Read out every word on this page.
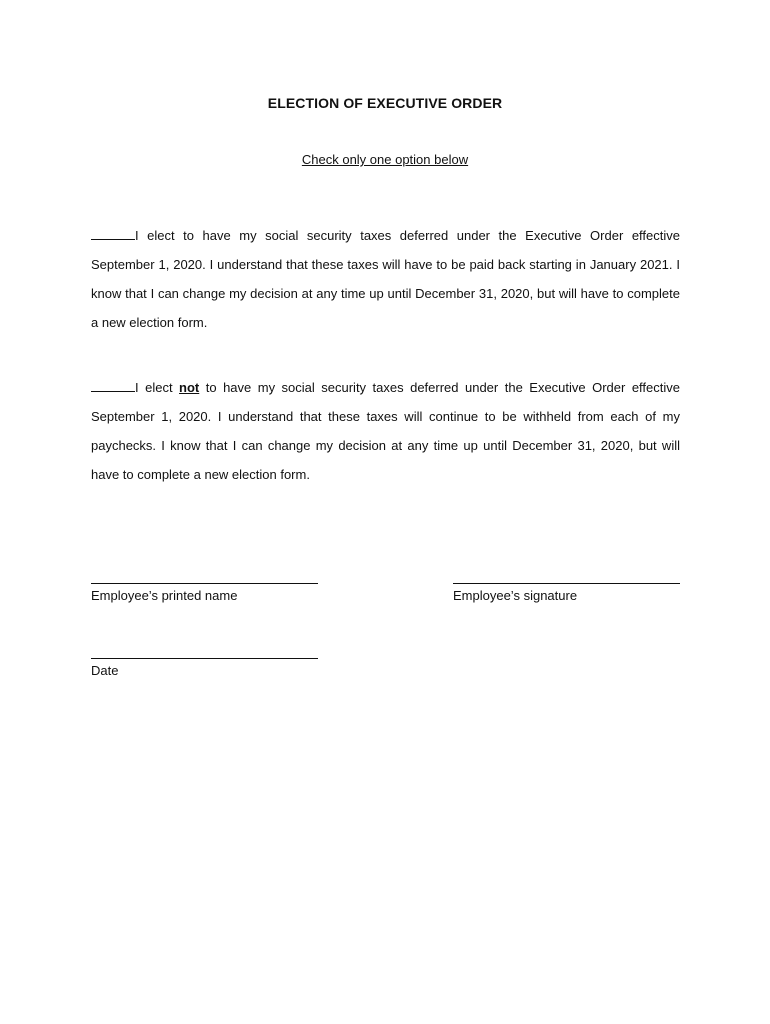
ELECTION OF EXECUTIVE ORDER
Check only one option below
I elect to have my social security taxes deferred under the Executive Order effective September 1, 2020. I understand that these taxes will have to be paid back starting in January 2021. I know that I can change my decision at any time up until December 31, 2020, but will have to complete a new election form.
I elect not to have my social security taxes deferred under the Executive Order effective September 1, 2020. I understand that these taxes will continue to be withheld from each of my paychecks. I know that I can change my decision at any time up until December 31, 2020, but will have to complete a new election form.
Employee’s printed name	Employee’s signature
Date
